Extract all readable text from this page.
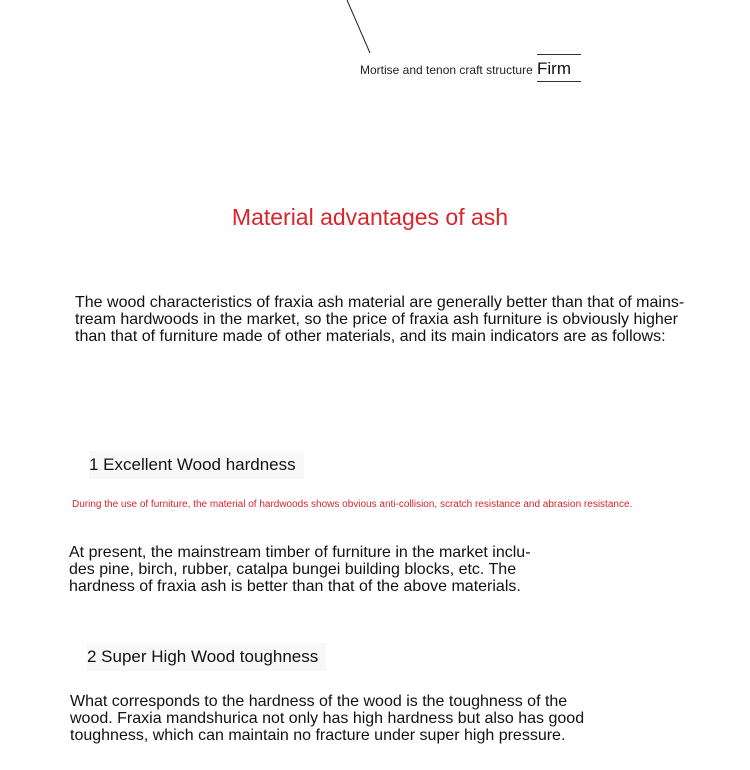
Mortise and tenon craft structure Firm
Material advantages of ash
The wood characteristics of fraxia ash material are generally better than that of mains-tream hardwoods in the market, so the price of fraxia ash furniture is obviously higher than that of furniture made of other materials, and its main indicators are as follows:
1 Excellent Wood hardness
During the use of furniture, the material of hardwoods shows obvious anti-collision, scratch resistance and abrasion resistance.
At present, the mainstream timber of furniture in the market inclu-des pine, birch, rubber, catalpa bungei building blocks, etc. The hardness of fraxia ash is better than that of the above materials.
2 Super High Wood toughness
What corresponds to the hardness of the wood is the toughness of the wood. Fraxia mandshurica not only has high hardness but also has good toughness, which can maintain no fracture under super high pressure.
